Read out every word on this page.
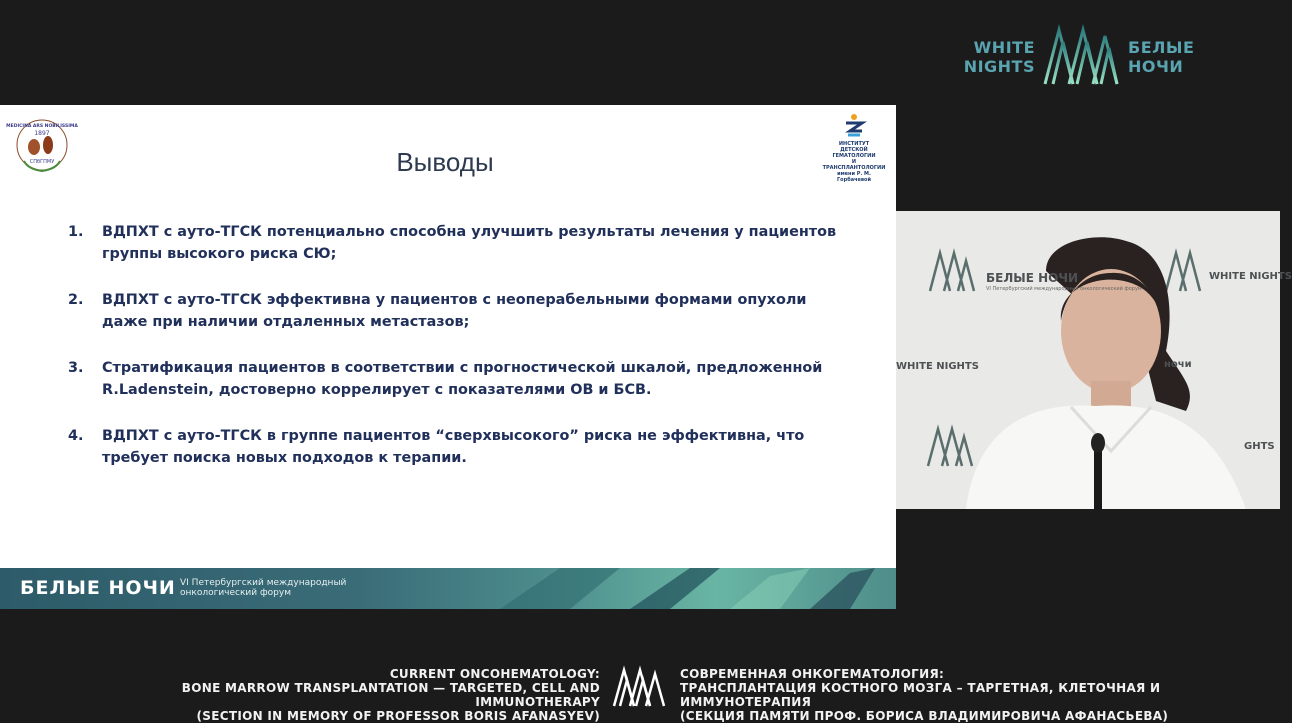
WHITE
NIGHTS
БЕЛЫЕ
НОЧИ
MEDICINA ARS NOBILISSIMA
1897
СПбГПМУ	Выводы
ИНСТИТУТ
ДЕТСКОЙ ГЕМАТОЛОГИИ
И ТРАНСПЛАНТОЛОГИИ
имени Р. М. Горбачевой
1.	ВДПХТ с ауто-ТГСК потенциально способна улучшить результаты лечения у пациентов группы высокого риска СЮ;
2.	ВДПХТ с ауто-ТГСК эффективна у пациентов с неоперабельными формами опухоли даже при наличии отдаленных метастазов;
3.	Стратификация пациентов в соответствии с прогностической шкалой, предложенной R.Ladenstein, достоверно коррелирует с показателями ОВ и БСВ.
4.	ВДПХТ с ауто-ТГСК в группе пациентов “сверхвысокого” риска не эффективна, что требует поиска новых подходов к терапии.
БЕЛЫЕ НОЧИ VI Петербургский международный
онкологический форум
БЕЛЫЕ НОЧИ
VI Петербургский международный онкологический форум
WHITE NIGHTS
WHITE NIGHTS	ночи
GHTS
CURRENT ONCOHEMATOLOGY:
BONE MARROW TRANSPLANTATION — TARGETED, CELL AND IMMUNOTHERAPY
(SECTION IN MEMORY OF PROFESSOR BORIS AFANASYEV)
СОВРЕМЕННАЯ ОНКОГЕМАТОЛОГИЯ:
ТРАНСПЛАНТАЦИЯ КОСТНОГО МОЗГА – ТАРГЕТНАЯ, КЛЕТОЧНАЯ И ИММУНОТЕРАПИЯ
(СЕКЦИЯ ПАМЯТИ ПРОФ. БОРИСА ВЛАДИМИРОВИЧА АФАНАСЬЕВА)
